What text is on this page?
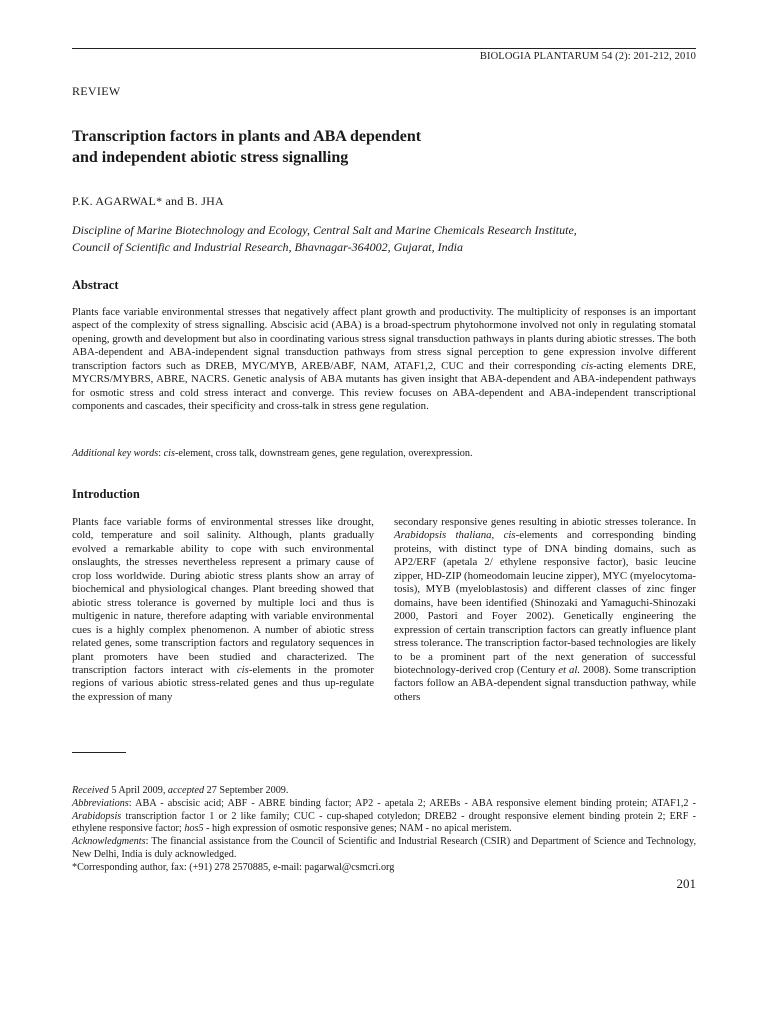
BIOLOGIA PLANTARUM 54 (2): 201-212, 2010
REVIEW
Transcription factors in plants and ABA dependent
and independent abiotic stress signalling
P.K. AGARWAL* and B. JHA
Discipline of Marine Biotechnology and Ecology, Central Salt and Marine Chemicals Research Institute,
Council of Scientific and Industrial Research, Bhavnagar-364002, Gujarat, India
Abstract

Plants face variable environmental stresses that negatively affect plant growth and productivity. The multiplicity of responses is an important aspect of the complexity of stress signalling. Abscisic acid (ABA) is a broad-spectrum phytohormone involved not only in regulating stomatal opening, growth and development but also in coordinating various stress signal transduction pathways in plants during abiotic stresses. The both ABA-dependent and ABA-independent signal transduction pathways from stress signal perception to gene expression involve different transcription factors such as DREB, MYC/MYB, AREB/ABF, NAM, ATAF1,2, CUC and their corresponding cis-acting elements DRE, MYCRS/MYBRS, ABRE, NACRS. Genetic analysis of ABA mutants has given insight that ABA-dependent and ABA-independent pathways for osmotic stress and cold stress interact and converge. This review focuses on ABA-dependent and ABA-independent transcriptional components and cascades, their specificity and cross-talk in stress gene regulation.

Additional key words: cis-element, cross talk, downstream genes, gene regulation, overexpression.

Introduction

Plants face variable forms of environmental stresses like drought, cold, temperature and soil salinity. Although, plants gradually evolved a remarkable ability to cope with such environmental onslaughts, the stresses nevertheless represent a primary cause of crop loss worldwide. During abiotic stress plants show an array of biochemical and physiological changes. Plant breeding showed that abiotic stress tolerance is governed by multiple loci and thus is multigenic in nature, therefore adapting with variable environmental cues is a highly complex phenomenon. A number of abiotic stress related genes, some transcription factors and regulatory sequences in plant promoters have been studied and characterized. The transcription factors interact with cis-elements in the promoter regions of various abiotic stress-related genes and thus up-regulate the expression of many

secondary responsive genes resulting in abiotic stresses tolerance. In Arabidopsis thaliana, cis-elements and corresponding binding proteins, with distinct type of DNA binding domains, such as AP2/ERF (apetala 2/ ethylene responsive factor), basic leucine zipper, HD-ZIP (homeodomain leucine zipper), MYC (myelocytoma-tosis), MYB (myeloblastosis) and different classes of zinc finger domains, have been identified (Shinozaki and Yamaguchi-Shinozaki 2000, Pastori and Foyer 2002). Genetically engineering the expression of certain transcription factors can greatly influence plant stress tolerance. The transcription factor-based technologies are likely to be a prominent part of the next generation of successful biotechnology-derived crop (Century et al. 2008). Some transcription factors follow an ABA-dependent signal transduction pathway, while others

Received 5 April 2009, accepted 27 September 2009.

Abbreviations: ABA - abscisic acid; ABF - ABRE binding factor; AP2 - apetala 2; AREBs - ABA responsive element binding protein; ATAF1,2 - Arabidopsis transcription factor 1 or 2 like family; CUC - cup-shaped cotyledon; DREB2 - drought responsive element binding protein 2; ERF - ethylene responsive factor; hos5 - high expression of osmotic responsive genes; NAM - no apical meristem.

Acknowledgments: The financial assistance from the Council of Scientific and Industrial Research (CSIR) and Department of Science and Technology, New Delhi, India is duly acknowledged.

*Corresponding author, fax: (+91) 278 2570885, e-mail: pagarwal@csmcri.org

201
